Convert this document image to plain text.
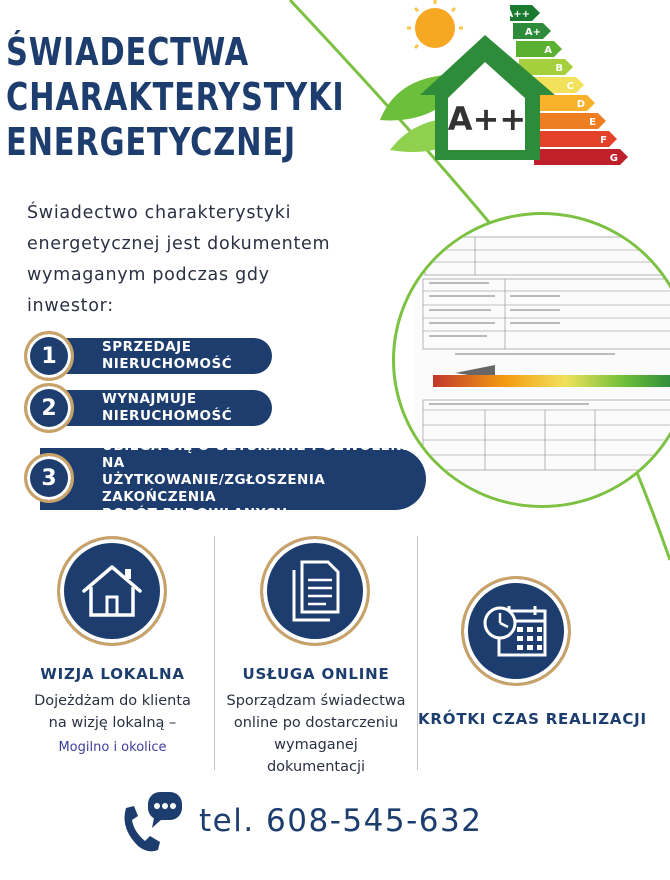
ŚWIADECTWA
CHARAKTERYSTYKI
ENERGETYCZNEJ
A++
A+
A
B
C
D
E
F
G
A++
Świadectwo charakterystyki
energetycznej jest dokumentem
wymaganym podczas gdy
inwestor:
SPRZEDAJE
NIERUCHOMOŚĆ
1
WYNAJMUJE
NIERUCHOMOŚĆ
2
UBIEGA SIĘ O UZYSKANIE POZWOLENIA NA
UŻYTKOWANIE/ZGŁOSZENIA ZAKOŃCZENIA
ROBÓT BUDOWLANYCH
3
WIZJA LOKALNA
Dojeżdżam do klienta
na wizję lokalną –
Mogilno i okolice
USŁUGA ONLINE
Sporządzam świadectwa
online po dostarczeniu
wymaganej
dokumentacji
KRÓTKI CZAS REALIZACJI
tel. 608-545-632
